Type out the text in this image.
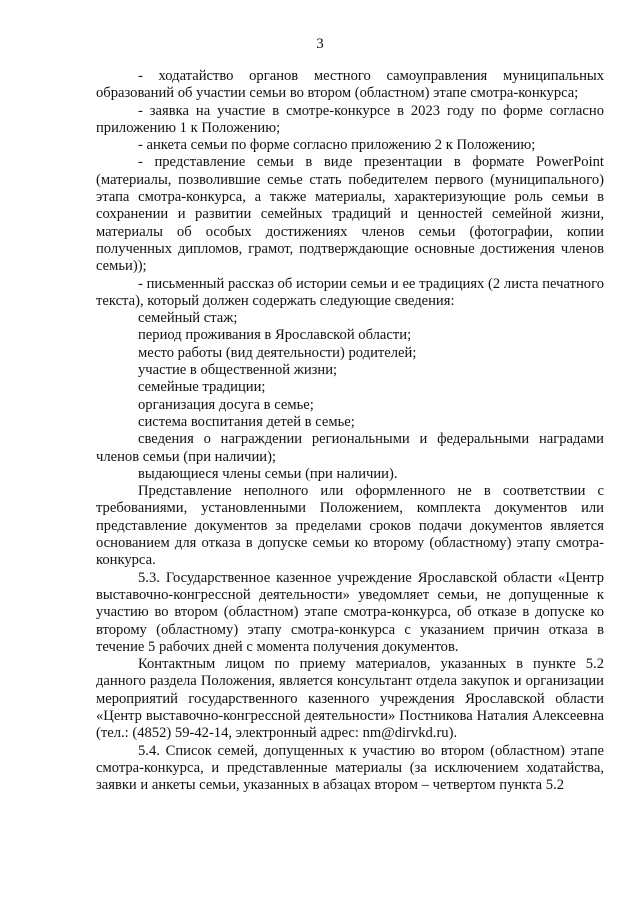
3

- ходатайство органов местного самоуправления муниципальных образований об участии семьи во втором (областном) этапе смотра-конкурса;

- заявка на участие в смотре-конкурсе в 2023 году по форме согласно приложению 1 к Положению;

- анкета семьи по форме согласно приложению 2 к Положению;

- представление семьи в виде презентации в формате PowerPoint (материалы, позволившие семье стать победителем первого (муниципального) этапа смотра-конкурса, а также материалы, характеризующие роль семьи в сохранении и развитии семейных традиций и ценностей семейной жизни, материалы об особых достижениях членов семьи (фотографии, копии полученных дипломов, грамот, подтверждающие основные достижения членов семьи));

- письменный рассказ об истории семьи и ее традициях (2 листа печатного текста), который должен содержать следующие сведения:

семейный стаж;

период проживания в Ярославской области;

место работы (вид деятельности) родителей;

участие в общественной жизни;

семейные традиции;

организация досуга в семье;

система воспитания детей в семье;

сведения о награждении региональными и федеральными наградами членов семьи (при наличии);

выдающиеся члены семьи (при наличии).

Представление неполного или оформленного не в соответствии с требованиями, установленными Положением, комплекта документов или представление документов за пределами сроков подачи документов является основанием для отказа в допуске семьи ко второму (областному) этапу смотра-конкурса.

5.3. Государственное казенное учреждение Ярославской области «Центр выставочно-конгрессной деятельности» уведомляет семьи, не допущенные к участию во втором (областном) этапе смотра-конкурса, об отказе в допуске ко второму (областному) этапу смотра-конкурса с указанием причин отказа в течение 5 рабочих дней с момента получения документов.

Контактным лицом по приему материалов, указанных в пункте 5.2 данного раздела Положения, является консультант отдела закупок и организации мероприятий государственного казенного учреждения Ярославской области «Центр выставочно-конгрессной деятельности» Постникова Наталия Алексеевна (тел.: (4852) 59-42-14, электронный адрес: nm@dirvkd.ru).

5.4. Список семей, допущенных к участию во втором (областном) этапе смотра-конкурса, и представленные материалы (за исключением ходатайства, заявки и анкеты семьи, указанных в абзацах втором – четвертом пункта 5.2
